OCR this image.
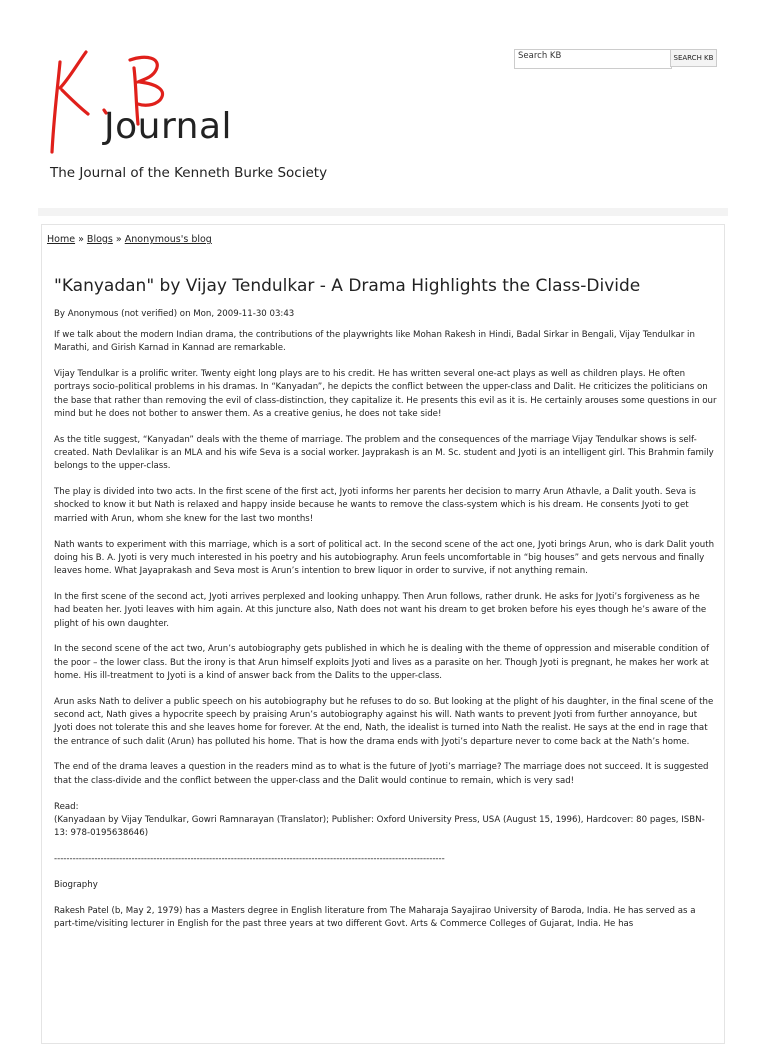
Journal
The Journal of the Kenneth Burke Society
Search KB	SEARCH KB
Home » Blogs » Anonymous's blog
"Kanyadan" by Vijay Tendulkar - A Drama Highlights the Class-Divide
By Anonymous (not verified) on Mon, 2009-11-30 03:43

If we talk about the modern Indian drama, the contributions of the playwrights like Mohan Rakesh in Hindi, Badal Sirkar in Bengali, Vijay Tendulkar in Marathi, and Girish Karnad in Kannad are remarkable.

Vijay Tendulkar is a prolific writer. Twenty eight long plays are to his credit. He has written several one-act plays as well as children plays. He often portrays socio-political problems in his dramas. In “Kanyadan”, he depicts the conflict between the upper-class and Dalit. He criticizes the politicians on the base that rather than removing the evil of class-distinction, they capitalize it. He presents this evil as it is. He certainly arouses some questions in our mind but he does not bother to answer them. As a creative genius, he does not take side!

As the title suggest, “Kanyadan” deals with the theme of marriage. The problem and the consequences of the marriage Vijay Tendulkar shows is self-created. Nath Devlalikar is an MLA and his wife Seva is a social worker. Jayprakash is an M. Sc. student and Jyoti is an intelligent girl. This Brahmin family belongs to the upper-class.

The play is divided into two acts. In the first scene of the first act, Jyoti informs her parents her decision to marry Arun Athavle, a Dalit youth. Seva is shocked to know it but Nath is relaxed and happy inside because he wants to remove the class-system which is his dream. He consents Jyoti to get married with Arun, whom she knew for the last two months!

Nath wants to experiment with this marriage, which is a sort of political act. In the second scene of the act one, Jyoti brings Arun, who is dark Dalit youth doing his B. A. Jyoti is very much interested in his poetry and his autobiography. Arun feels uncomfortable in “big houses” and gets nervous and finally leaves home. What Jayaprakash and Seva most is Arun’s intention to brew liquor in order to survive, if not anything remain.

In the first scene of the second act, Jyoti arrives perplexed and looking unhappy. Then Arun follows, rather drunk. He asks for Jyoti’s forgiveness as he had beaten her. Jyoti leaves with him again. At this juncture also, Nath does not want his dream to get broken before his eyes though he’s aware of the plight of his own daughter.

In the second scene of the act two, Arun’s autobiography gets published in which he is dealing with the theme of oppression and miserable condition of the poor – the lower class. But the irony is that Arun himself exploits Jyoti and lives as a parasite on her. Though Jyoti is pregnant, he makes her work at home. His ill-treatment to Jyoti is a kind of answer back from the Dalits to the upper-class.

Arun asks Nath to deliver a public speech on his autobiography but he refuses to do so. But looking at the plight of his daughter, in the final scene of the second act, Nath gives a hypocrite speech by praising Arun’s autobiography against his will. Nath wants to prevent Jyoti from further annoyance, but Jyoti does not tolerate this and she leaves home for forever. At the end, Nath, the idealist is turned into Nath the realist. He says at the end in rage that the entrance of such dalit (Arun) has polluted his home. That is how the drama ends with Jyoti’s departure never to come back at the Nath’s home.

The end of the drama leaves a question in the readers mind as to what is the future of Jyoti’s marriage? The marriage does not succeed. It is suggested that the class-divide and the conflict between the upper-class and the Dalit would continue to remain, which is very sad!

Read:
(Kanyadaan by Vijay Tendulkar, Gowri Ramnarayan (Translator); Publisher: Oxford University Press, USA (August 15, 1996), Hardcover: 80 pages, ISBN-13: 978-0195638646)

------------------------------------------------------------------------------------------------------------------------------

Biography

Rakesh Patel (b, May 2, 1979) has a Masters degree in English literature from The Maharaja Sayajirao University of Baroda, India. He has served as a part-time/visiting lecturer in English for the past three years at two different Govt. Arts & Commerce Colleges of Gujarat, India. He has
